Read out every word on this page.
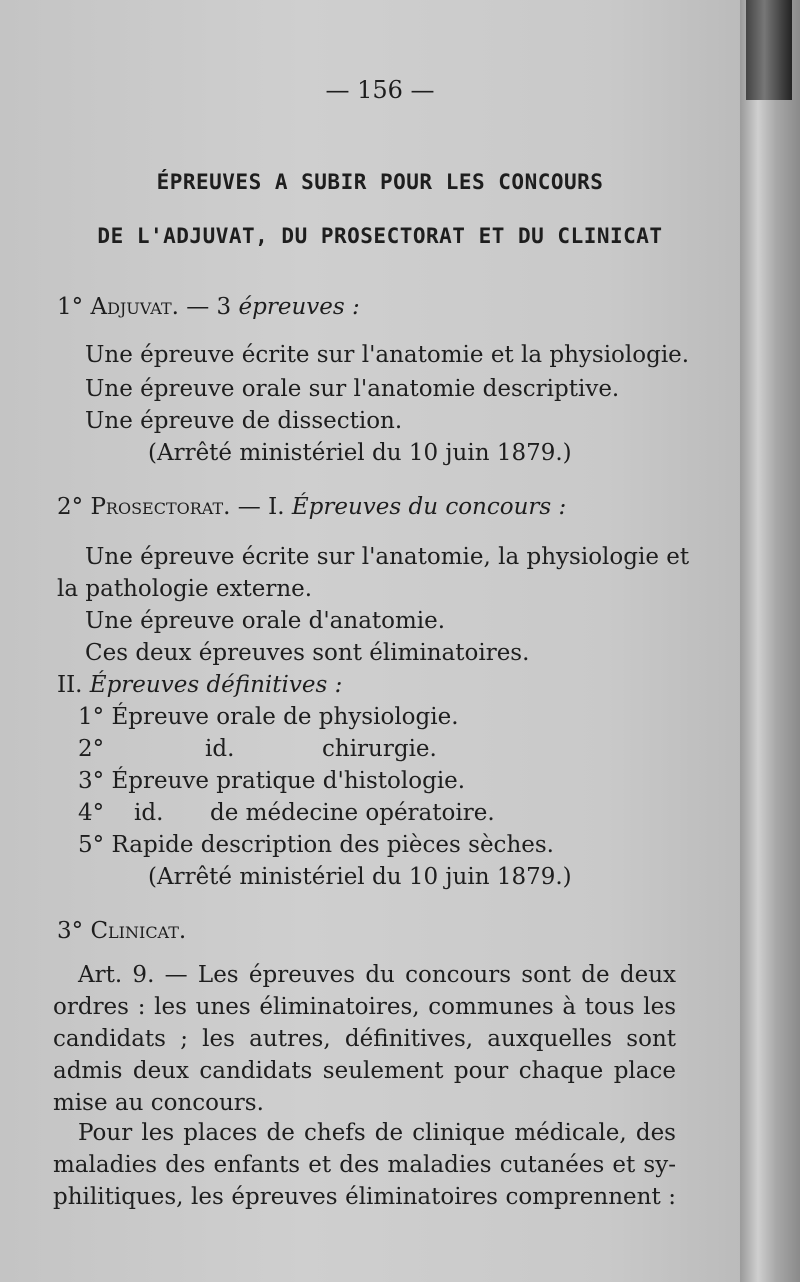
— 156 —
ÉPREUVES A SUBIR POUR LES CONCOURS
DE L'ADJUVAT, DU PROSECTORAT ET DU CLINICAT
1° Adjuvat. — 3 épreuves :
Une épreuve écrite sur l'anatomie et la physiologie.
Une épreuve orale sur l'anatomie descriptive.
Une épreuve de dissection.
(Arrêté ministériel du 10 juin 1879.)
2° Prosectorat. — I. Épreuves du concours :
Une épreuve écrite sur l'anatomie, la physiologie et
la pathologie externe.
Une épreuve orale d'anatomie.
Ces deux épreuves sont éliminatoires.
II. Épreuves définitives :
1° Épreuve orale de physiologie.
2°	id.	chirurgie.
3° Épreuve pratique d'histologie.
4° id. de médecine opératoire.
5° Rapide description des pièces sèches.
(Arrêté ministériel du 10 juin 1879.)
3° Clinicat.
Art. 9. — Les épreuves du concours sont de deux
ordres : les unes éliminatoires, communes à tous les
candidats ; les autres, définitives, auxquelles sont
admis deux candidats seulement pour chaque place
mise au concours.
Pour les places de chefs de clinique médicale, des
maladies des enfants et des maladies cutanées et sy-
philitiques, les épreuves éliminatoires comprennent :
